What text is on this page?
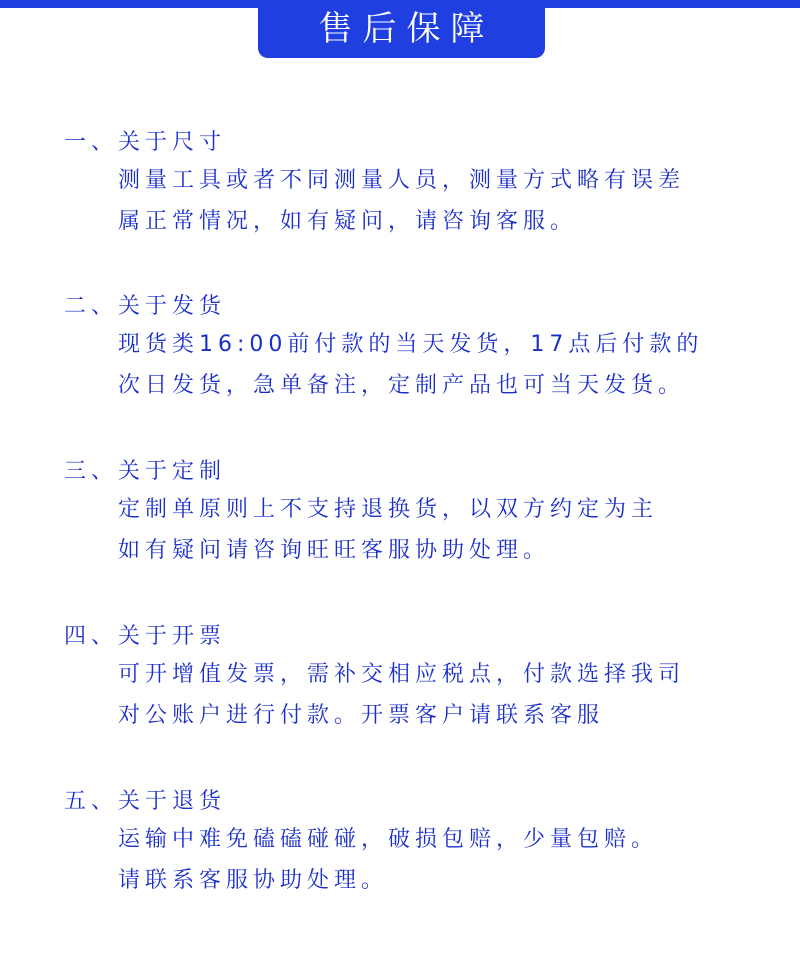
售后保障
一、关于尺寸
测量工具或者不同测量人员，测量方式略有误差
属正常情况，如有疑问，请咨询客服。
二、关于发货
现货类16:00前付款的当天发货，17点后付款的
次日发货，急单备注，定制产品也可当天发货。
三、关于定制
定制单原则上不支持退换货，以双方约定为主
如有疑问请咨询旺旺客服协助处理。
四、关于开票
可开增值发票，需补交相应税点，付款选择我司
对公账户进行付款。开票客户请联系客服
五、关于退货
运输中难免磕磕碰碰，破损包赔，少量包赔。
请联系客服协助处理。
